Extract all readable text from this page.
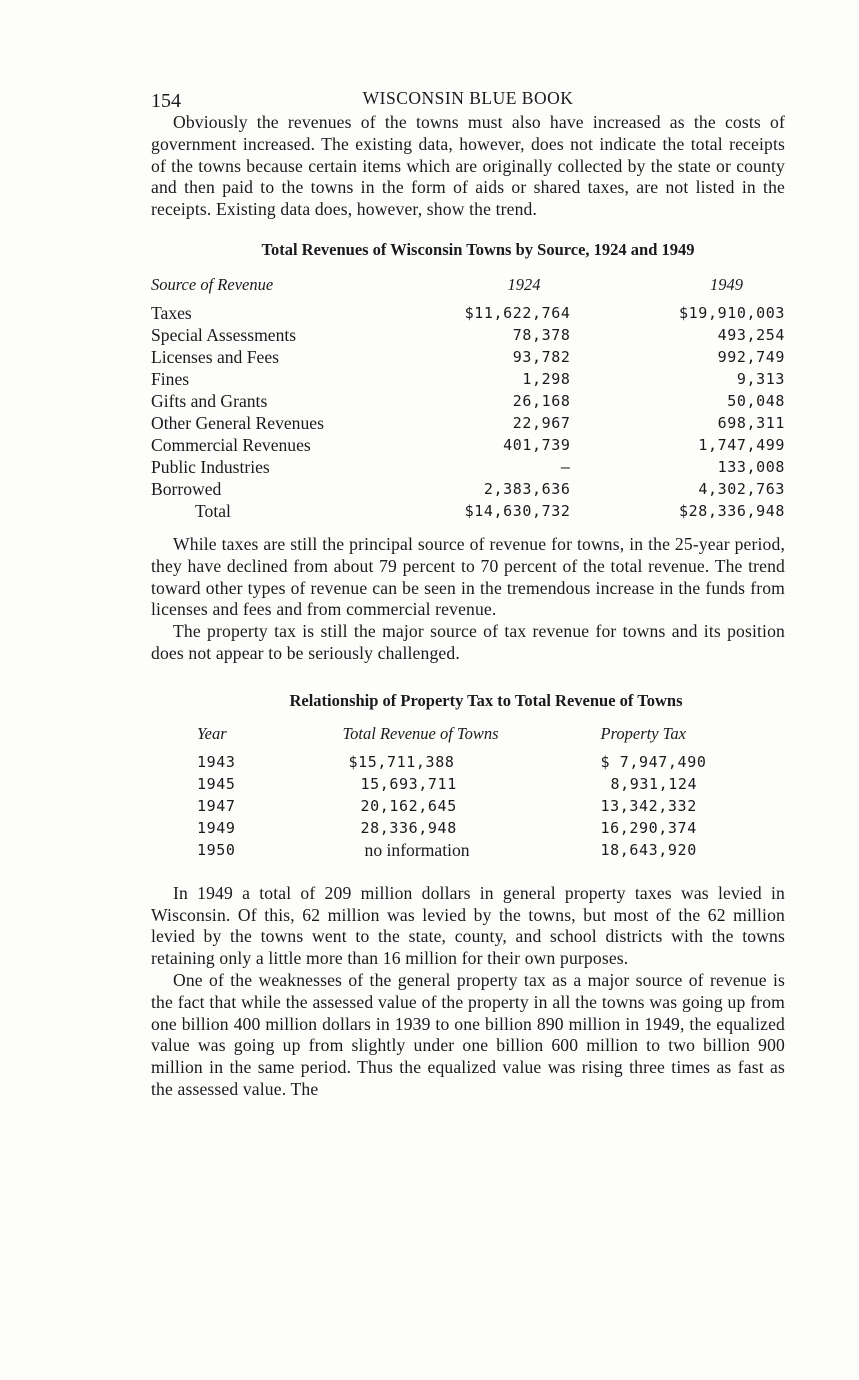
154	WISCONSIN BLUE BOOK

Obviously the revenues of the towns must also have increased as the costs of government increased. The existing data, however, does not indicate the total receipts of the towns because certain items which are originally collected by the state or county and then paid to the towns in the form of aids or shared taxes, are not listed in the receipts. Existing data does, however, show the trend.

Total Revenues of Wisconsin Towns by Source, 1924 and 1949
Source of Revenue	1924	1949
Taxes	$11,622,764	$19,910,003
Special Assessments	78,378	493,254
Licenses and Fees	93,782	992,749
Fines	1,298	9,313
Gifts and Grants	26,168	50,048
Other General Revenues	22,967	698,311
Commercial Revenues	401,739	1,747,499
Public Industries	—	133,008
Borrowed	2,383,636	4,302,763
Total	$14,630,732	$28,336,948

While taxes are still the principal source of revenue for towns, in the 25-year period, they have declined from about 79 percent to 70 percent of the total revenue. The trend toward other types of revenue can be seen in the tremendous increase in the funds from licenses and fees and from commercial revenue.

The property tax is still the major source of tax revenue for towns and its position does not appear to be seriously challenged.

Relationship of Property Tax to Total Revenue of Towns
Year	Total Revenue of Towns	Property Tax
1943	$15,711,388	$ 7,947,490
1945	15,693,711	8,931,124
1947	20,162,645	13,342,332
1949	28,336,948	16,290,374
1950	no information	18,643,920

In 1949 a total of 209 million dollars in general property taxes was levied in Wisconsin. Of this, 62 million was levied by the towns, but most of the 62 million levied by the towns went to the state, county, and school districts with the towns retaining only a little more than 16 million for their own purposes.

One of the weaknesses of the general property tax as a major source of revenue is the fact that while the assessed value of the property in all the towns was going up from one billion 400 million dollars in 1939 to one billion 890 million in 1949, the equalized value was going up from slightly under one billion 600 million to two billion 900 million in the same period. Thus the equalized value was rising three times as fast as the assessed value. The
